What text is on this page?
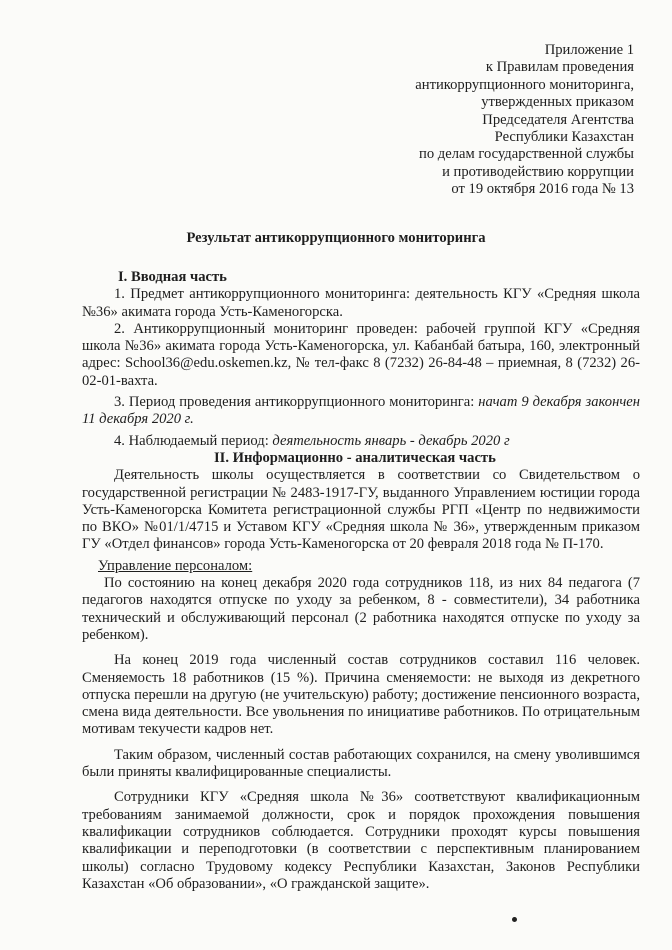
Приложение 1
к Правилам проведения
антикоррупционного мониторинга,
утвержденных приказом
Председателя Агентства
Республики Казахстан
по делам государственной службы
и противодействию коррупции
от 19 октября 2016 года № 13
Результат антикоррупционного мониторинга

I. Вводная часть

1. Предмет антикоррупционного мониторинга: деятельность КГУ «Средняя школа №36» акимата города Усть-Каменогорска.

2. Антикоррупционный мониторинг проведен: рабочей группой КГУ «Средняя школа №36» акимата города Усть-Каменогорска, ул. Кабанбай батыра, 160, электронный адрес: School36@edu.oskemen.kz, № тел-факс 8 (7232) 26-84-48 – приемная, 8 (7232) 26-02-01-вахта.

3. Период проведения антикоррупционного мониторинга: начат 9 декабря закончен 11 декабря 2020 г.

4. Наблюдаемый период: деятельность январь - декабрь 2020 г

II. Информационно - аналитическая часть

Деятельность школы осуществляется в соответствии со Свидетельством о государственной регистрации № 2483-1917-ГУ, выданного Управлением юстиции города Усть-Каменогорска Комитета регистрационной службы РГП «Центр по недвижимости по ВКО» №01/1/4715 и Уставом КГУ «Средняя школа № 36», утвержденным приказом ГУ «Отдел финансов» города Усть-Каменогорска от 20 февраля 2018 года № П-170.

Управление персоналом:

По состоянию на конец декабря 2020 года сотрудников 118, из них 84 педагога (7 педагогов находятся отпуске по уходу за ребенком, 8 - совместители), 34 работника технический и обслуживающий персонал (2 работника находятся отпуске по уходу за ребенком).

На конец 2019 года численный состав сотрудников составил 116 человек. Сменяемость 18 работников (15 %). Причина сменяемости: не выходя из декретного отпуска перешли на другую (не учительскую) работу; достижение пенсионного возраста, смена вида деятельности. Все увольнения по инициативе работников. По отрицательным мотивам текучести кадров нет.

Таким образом, численный состав работающих сохранился, на смену уволившимся были приняты квалифицированные специалисты.

Сотрудники КГУ «Средняя школа №36» соответствуют квалификационным требованиям занимаемой должности, срок и порядок прохождения повышения квалификации сотрудников соблюдается. Сотрудники проходят курсы повышения квалификации и переподготовки (в соответствии с перспективным планированием школы) согласно Трудовому кодексу Республики Казахстан, Законов Республики Казахстан «Об образовании», «О гражданской защите».
